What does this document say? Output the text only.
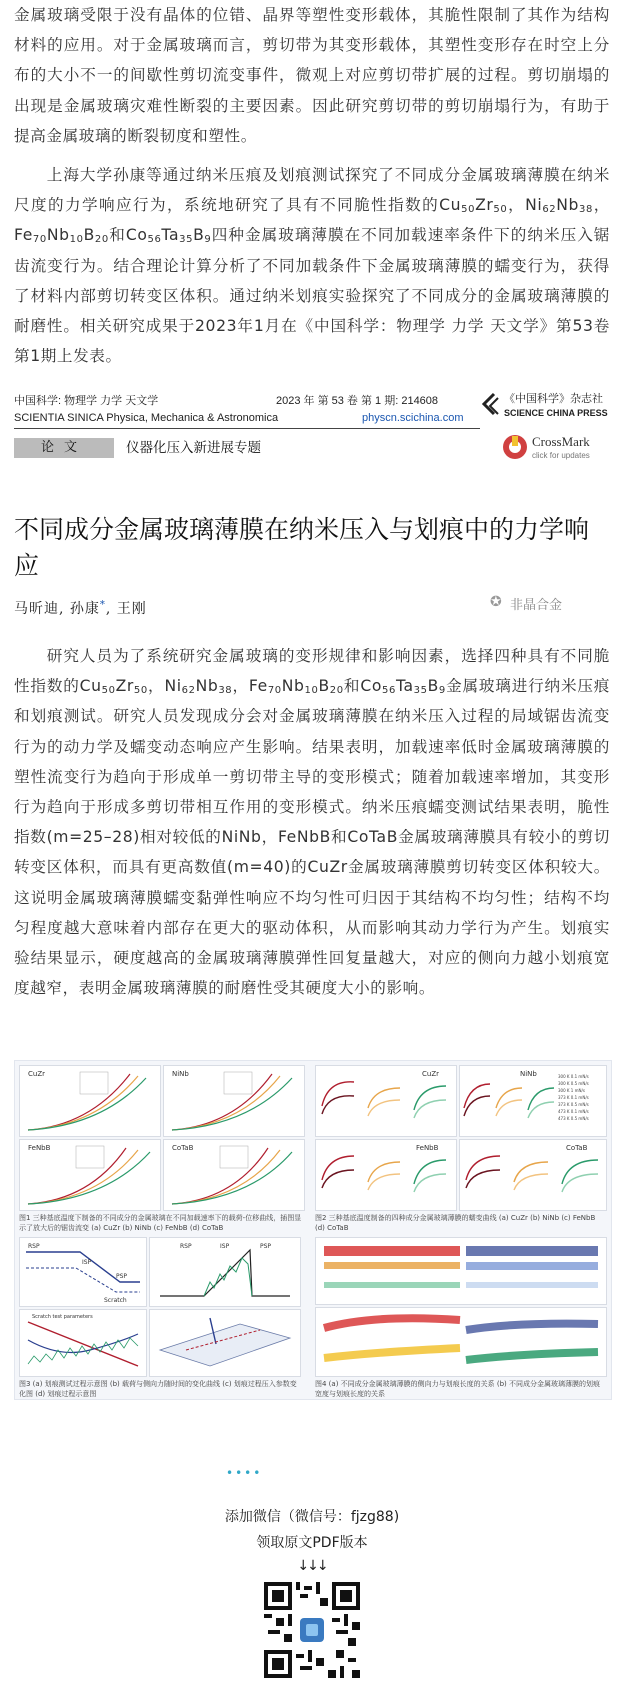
金属玻璃受限于没有晶体的位错、晶界等塑性变形载体，其脆性限制了其作为结构材料的应用。对于金属玻璃而言，剪切带为其变形载体，其塑性变形存在时空上分布的大小不一的间歇性剪切流变事件，微观上对应剪切带扩展的过程。剪切崩塌的出现是金属玻璃灾难性断裂的主要因素。因此研究剪切带的剪切崩塌行为，有助于提高金属玻璃的断裂韧度和塑性。

  上海大学孙康等通过纳米压痕及划痕测试探究了不同成分金属玻璃薄膜在纳米尺度的力学响应行为，系统地研究了具有不同脆性指数的$Cu_{50}Zr_{50}$，$Ni_{62}Nb_{38}$，$Fe_{70}Nb_{10}B_{20}$和$Co_{56}Ta_{35}B_9$四种金属玻璃薄膜在不同加载速率条件下的纳米压入锯齿流变行为。结合理论计算分析了不同加载条件下金属玻璃薄膜的蠕变行为，获得了材料内部剪切转变区体积。通过纳米划痕实验探究了不同成分的金属玻璃薄膜的耐磨性。相关研究成果于2023年1月在《中国科学：物理学 力学 天文学》第53卷第1期上发表。

中国科学: 物理学 力学 天文学	2023 年 第 53 卷 第 1 期: 214608
SCIENTIA SINICA Physica, Mechanica & Astronomica	physcn.scichina.com
《中国科学》杂志社
SCIENCE CHINA PRESS
论文	仪器化压入新进展专题	CrossMark
click for updates
不同成分金属玻璃薄膜在纳米压入与划痕中的力学响应
马昕迪, 孙康*, 王刚	✪ 非晶合金

  研究人员为了系统研究金属玻璃的变形规律和影响因素，选择四种具有不同脆性指数的$Cu_{50}Zr_{50}$，$Ni_{62}Nb_{38}$，$Fe_{70}Nb_{10}B_{20}$和$Co_{56}Ta_{35}B_9$金属玻璃进行纳米压痕和划痕测试。研究人员发现成分会对金属玻璃薄膜在纳米压入过程的局域锯齿流变行为的动力学及蠕变动态响应产生影响。结果表明，加载速率低时金属玻璃薄膜的塑性流变行为趋向于形成单一剪切带主导的变形模式；随着加载速率增加，其变形行为趋向于形成多剪切带相互作用的变形模式。纳米压痕蠕变测试结果表明，脆性指数(m=25–28)相对较低的NiNb，FeNbB和CoTaB金属玻璃薄膜具有较小的剪切转变区体积，而具有更高数值(m=40)的CuZr金属玻璃薄膜剪切转变区体积较大。这说明金属玻璃薄膜蠕变黏弹性响应不均匀性可归因于其结构不均匀性；结构不均匀程度越大意味着内部存在更大的驱动体积，从而影响其动力学行为产生。划痕实验结果显示，硬度越高的金属玻璃薄膜弹性回复量越大，对应的侧向力越小划痕宽度越窄，表明金属玻璃薄膜的耐磨性受其硬度大小的影响。

CuZr	NiNb
FeNbB	CoTaB
图1 三种基底温度下制备的不同成分的金属玻璃在不同加载速率下的载荷-位移曲线，插图显示了放大后的锯齿流变 (a) CuZr (b) NiNb (c) FeNbB (d) CoTaB
CuZr	NiNb	300 K 0.1 mN/s
300 K 0.5 mN/s
300 K 1 mN/s
373 K 0.1 mN/s
373 K 0.5 mN/s
473 K 0.1 mN/s
473 K 0.5 mN/s
FeNbB	CoTaB
图2 三种基底温度制备的四种成分金属玻璃薄膜的蠕变曲线 (a) CuZr (b) NiNb (c) FeNbB (d) CoTaB
RSP
ISP
PSP
Scratch
RSP	ISP	PSP
Scratch test parameters
图3 (a) 划痕测试过程示意图 (b) 载荷与侧向力随时间的变化曲线 (c) 划痕过程压入参数变化图 (d) 划痕过程示意图
图4 (a) 不同成分金属玻璃薄膜的侧向力与划痕长度的关系 (b) 不同成分金属玻璃薄膜的划痕宽度与划痕长度的关系
••••
添加微信（微信号：fjzg88)
领取原文PDF版本
↓↓↓
